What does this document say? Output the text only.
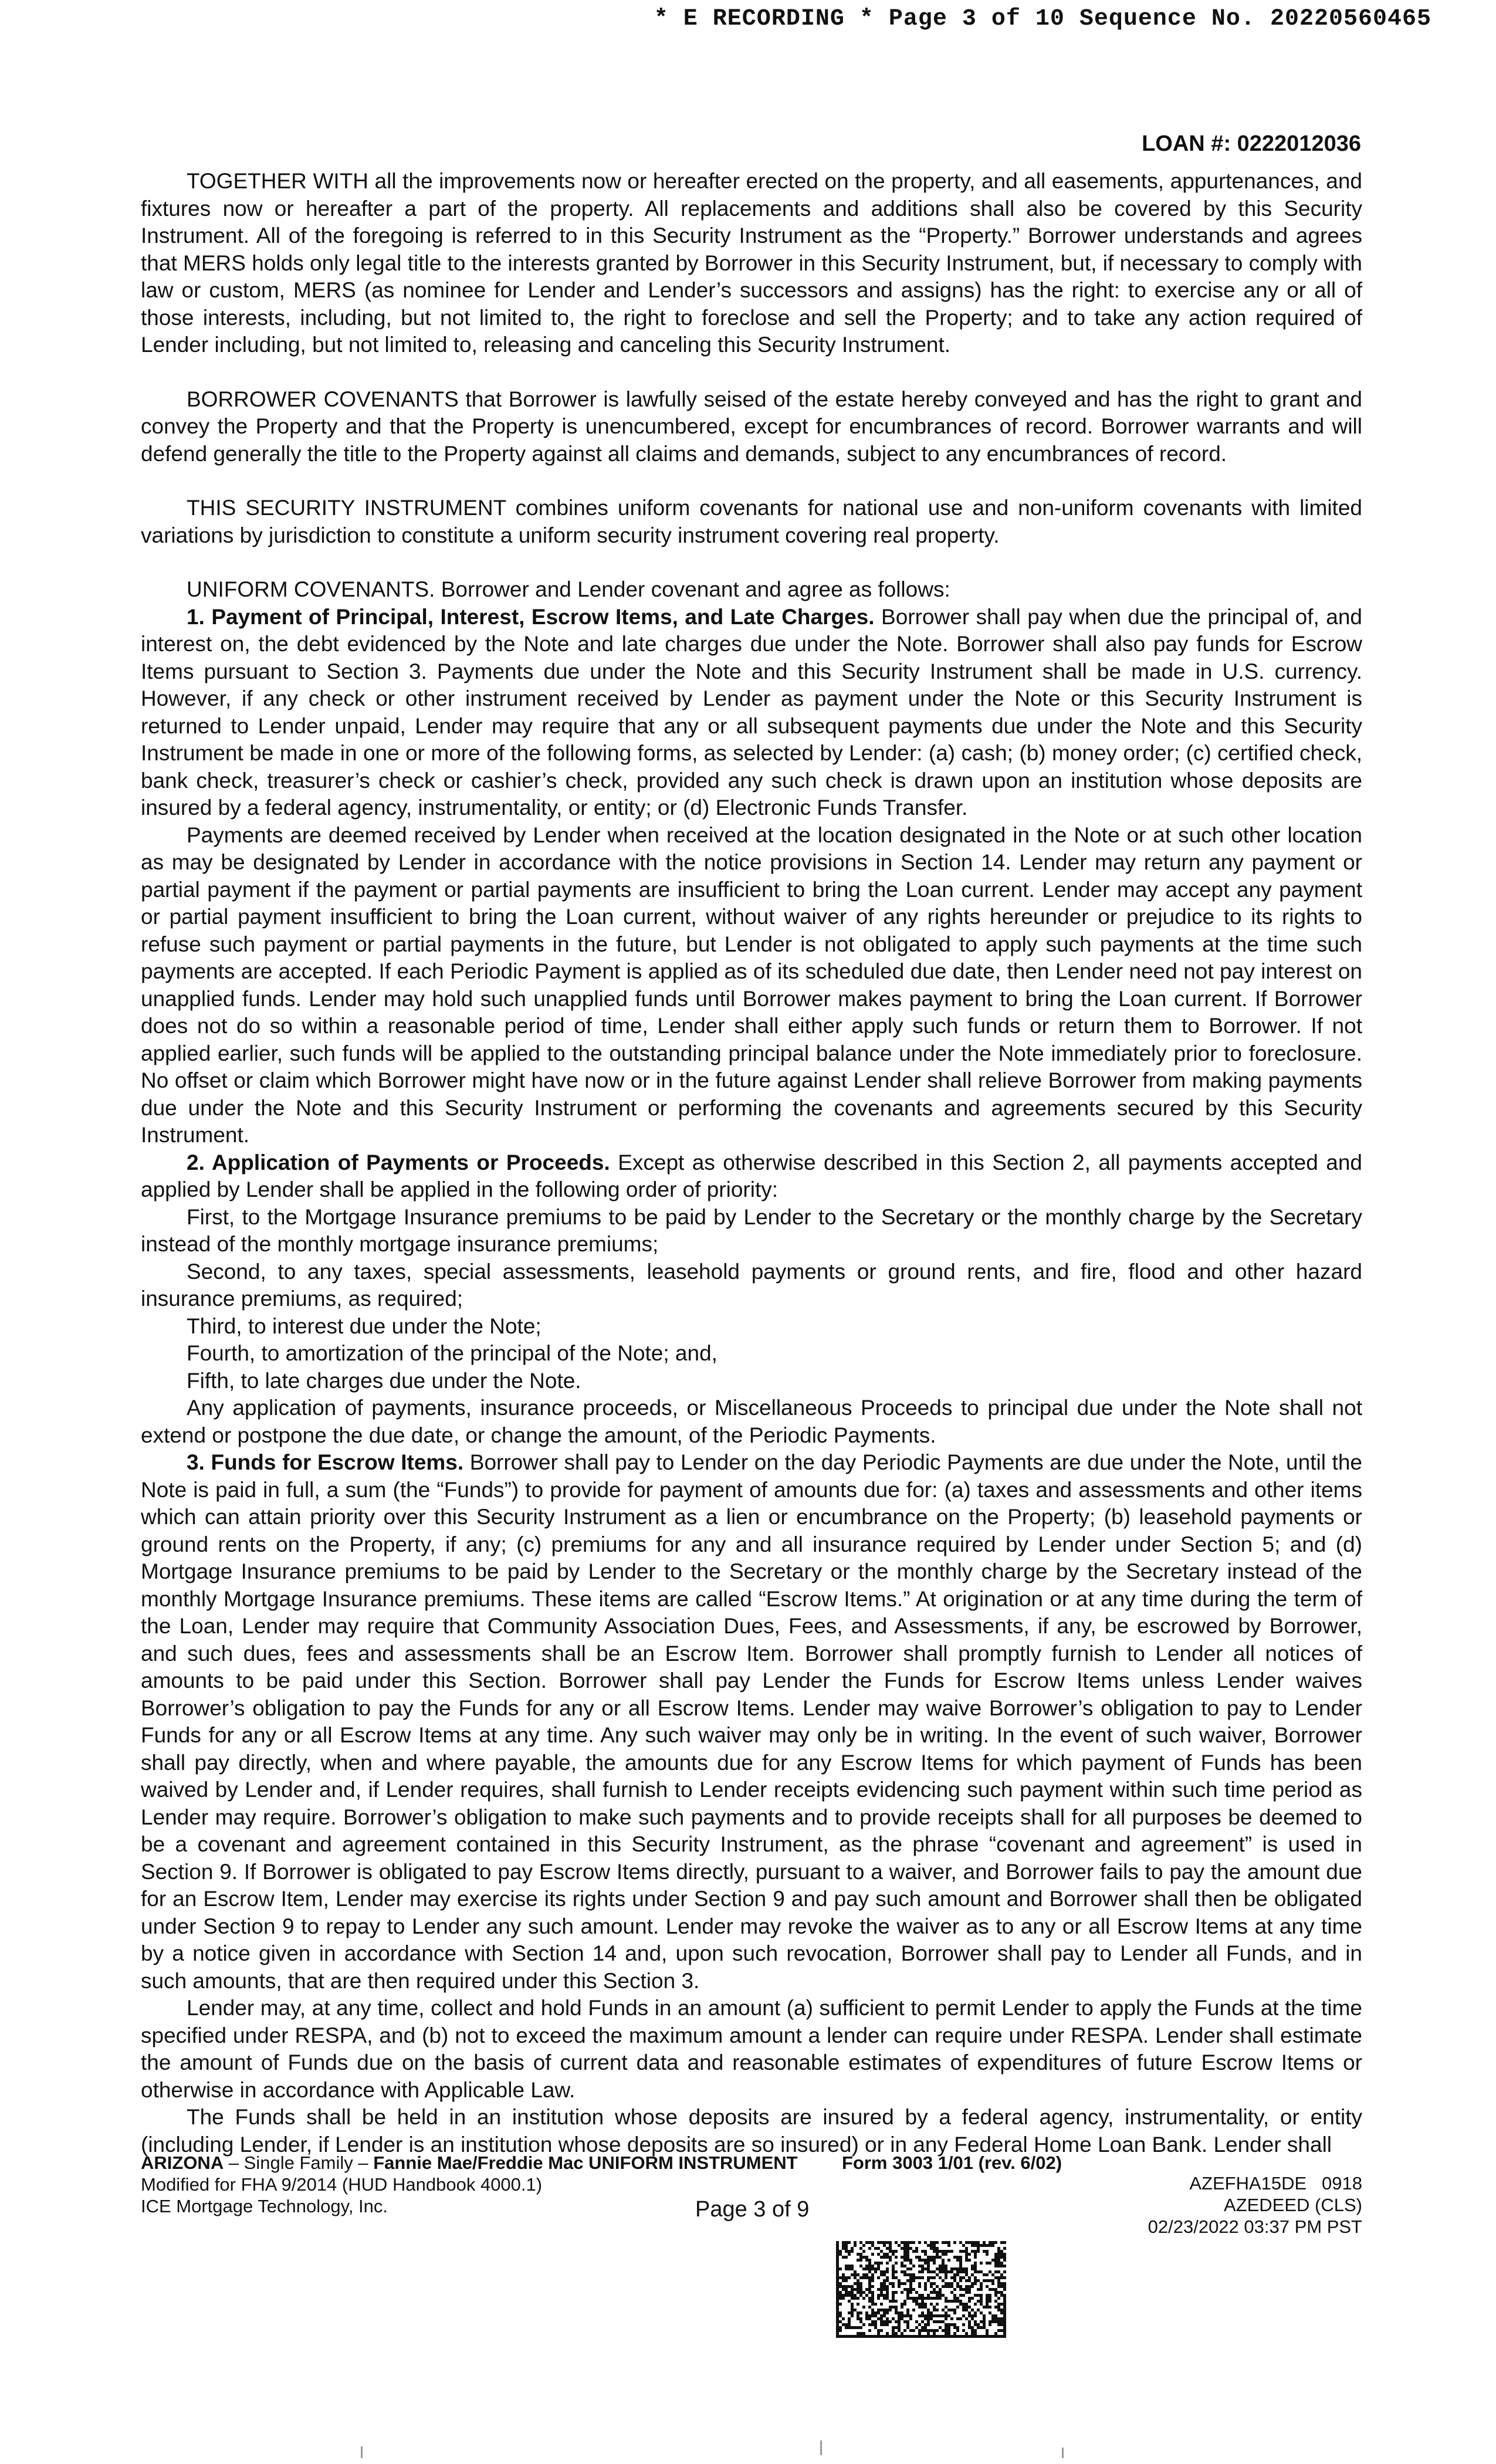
* E RECORDING * Page 3 of 10 Sequence No. 20220560465
LOAN #: 0222012036

TOGETHER WITH all the improvements now or hereafter erected on the property, and all easements, appurtenances, and fixtures now or hereafter a part of the property. All replacements and additions shall also be covered by this Security Instrument. All of the foregoing is referred to in this Security Instrument as the “Property.” Borrower understands and agrees that MERS holds only legal title to the interests granted by Borrower in this Security Instrument, but, if necessary to comply with law or custom, MERS (as nominee for Lender and Lender’s successors and assigns) has the right: to exercise any or all of those interests, including, but not limited to, the right to foreclose and sell the Property; and to take any action required of Lender including, but not limited to, releasing and canceling this Security Instrument.

BORROWER COVENANTS that Borrower is lawfully seised of the estate hereby conveyed and has the right to grant and convey the Property and that the Property is unencumbered, except for encumbrances of record. Borrower warrants and will defend generally the title to the Property against all claims and demands, subject to any encumbrances of record.

THIS SECURITY INSTRUMENT combines uniform covenants for national use and non-uniform covenants with limited variations by jurisdiction to constitute a uniform security instrument covering real property.

UNIFORM COVENANTS. Borrower and Lender covenant and agree as follows:

1. Payment of Principal, Interest, Escrow Items, and Late Charges. Borrower shall pay when due the principal of, and interest on, the debt evidenced by the Note and late charges due under the Note. Borrower shall also pay funds for Escrow Items pursuant to Section 3. Payments due under the Note and this Security Instrument shall be made in U.S. currency. However, if any check or other instrument received by Lender as payment under the Note or this Security Instrument is returned to Lender unpaid, Lender may require that any or all subsequent payments due under the Note and this Security Instrument be made in one or more of the following forms, as selected by Lender: (a) cash; (b) money order; (c) certified check, bank check, treasurer’s check or cashier’s check, provided any such check is drawn upon an institution whose deposits are insured by a federal agency, instrumentality, or entity; or (d) Electronic Funds Transfer.

Payments are deemed received by Lender when received at the location designated in the Note or at such other location as may be designated by Lender in accordance with the notice provisions in Section 14. Lender may return any payment or partial payment if the payment or partial payments are insufficient to bring the Loan current. Lender may accept any payment or partial payment insufficient to bring the Loan current, without waiver of any rights hereunder or prejudice to its rights to refuse such payment or partial payments in the future, but Lender is not obligated to apply such payments at the time such payments are accepted. If each Periodic Payment is applied as of its scheduled due date, then Lender need not pay interest on unapplied funds. Lender may hold such unapplied funds until Borrower makes payment to bring the Loan current. If Borrower does not do so within a reasonable period of time, Lender shall either apply such funds or return them to Borrower. If not applied earlier, such funds will be applied to the outstanding principal balance under the Note immediately prior to foreclosure. No offset or claim which Borrower might have now or in the future against Lender shall relieve Borrower from making payments due under the Note and this Security Instrument or performing the covenants and agreements secured by this Security Instrument.

2. Application of Payments or Proceeds. Except as otherwise described in this Section 2, all payments accepted and applied by Lender shall be applied in the following order of priority:

First, to the Mortgage Insurance premiums to be paid by Lender to the Secretary or the monthly charge by the Secretary instead of the monthly mortgage insurance premiums;

Second, to any taxes, special assessments, leasehold payments or ground rents, and fire, flood and other hazard insurance premiums, as required;

Third, to interest due under the Note;

Fourth, to amortization of the principal of the Note; and,

Fifth, to late charges due under the Note.

Any application of payments, insurance proceeds, or Miscellaneous Proceeds to principal due under the Note shall not extend or postpone the due date, or change the amount, of the Periodic Payments.

3. Funds for Escrow Items. Borrower shall pay to Lender on the day Periodic Payments are due under the Note, until the Note is paid in full, a sum (the “Funds”) to provide for payment of amounts due for: (a) taxes and assessments and other items which can attain priority over this Security Instrument as a lien or encumbrance on the Property; (b) leasehold payments or ground rents on the Property, if any; (c) premiums for any and all insurance required by Lender under Section 5; and (d) Mortgage Insurance premiums to be paid by Lender to the Secretary or the monthly charge by the Secretary instead of the monthly Mortgage Insurance premiums. These items are called “Escrow Items.” At origination or at any time during the term of the Loan, Lender may require that Community Association Dues, Fees, and Assessments, if any, be escrowed by Borrower, and such dues, fees and assessments shall be an Escrow Item. Borrower shall promptly furnish to Lender all notices of amounts to be paid under this Section. Borrower shall pay Lender the Funds for Escrow Items unless Lender waives Borrower’s obligation to pay the Funds for any or all Escrow Items. Lender may waive Borrower’s obligation to pay to Lender Funds for any or all Escrow Items at any time. Any such waiver may only be in writing. In the event of such waiver, Borrower shall pay directly, when and where payable, the amounts due for any Escrow Items for which payment of Funds has been waived by Lender and, if Lender requires, shall furnish to Lender receipts evidencing such payment within such time period as Lender may require. Borrower’s obligation to make such payments and to provide receipts shall for all purposes be deemed to be a covenant and agreement contained in this Security Instrument, as the phrase “covenant and agreement” is used in Section 9. If Borrower is obligated to pay Escrow Items directly, pursuant to a waiver, and Borrower fails to pay the amount due for an Escrow Item, Lender may exercise its rights under Section 9 and pay such amount and Borrower shall then be obligated under Section 9 to repay to Lender any such amount. Lender may revoke the waiver as to any or all Escrow Items at any time by a notice given in accordance with Section 14 and, upon such revocation, Borrower shall pay to Lender all Funds, and in such amounts, that are then required under this Section 3.

Lender may, at any time, collect and hold Funds in an amount (a) sufficient to permit Lender to apply the Funds at the time specified under RESPA, and (b) not to exceed the maximum amount a lender can require under RESPA. Lender shall estimate the amount of Funds due on the basis of current data and reasonable estimates of expenditures of future Escrow Items or otherwise in accordance with Applicable Law.

The Funds shall be held in an institution whose deposits are insured by a federal agency, instrumentality, or entity (including Lender, if Lender is an institution whose deposits are so insured) or in any Federal Home Loan Bank. Lender shall

ARIZONA – Single Family – Fannie Mae/Freddie Mac UNIFORM INSTRUMENT
Modified for FHA 9/2014 (HUD Handbook 4000.1)
ICE Mortgage Technology, Inc.
Form 3003 1/01 (rev. 6/02)
Page 3 of 9
AZEFHA15DE   0918
AZEDEED (CLS)
02/23/2022 03:37 PM PST
